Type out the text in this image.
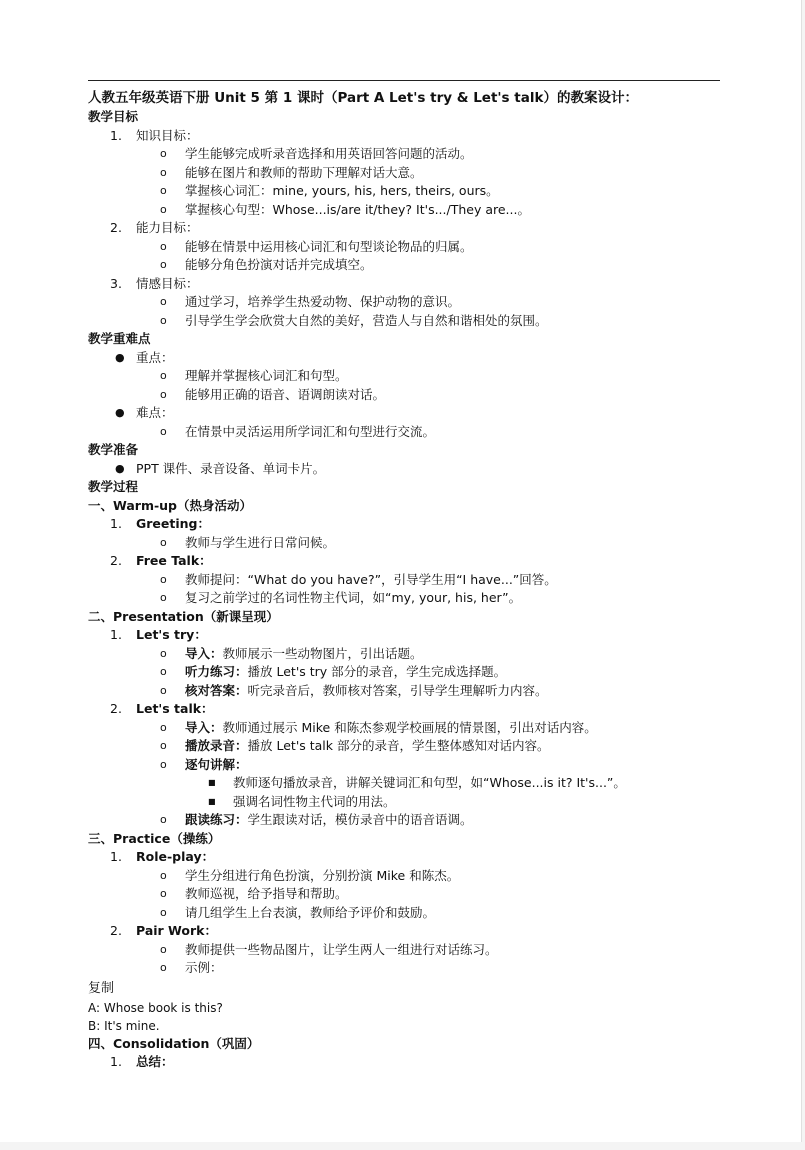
人教五年级英语下册 Unit 5 第 1 课时（Part A Let's try & Let's talk）的教案设计：
教学目标
1. 知识目标：
o 学生能够完成听录音选择和用英语回答问题的活动。
o 能够在图片和教师的帮助下理解对话大意。
o 掌握核心词汇：mine, yours, his, hers, theirs, ours。
o 掌握核心句型：Whose...is/are it/they? It's.../They are...。
2. 能力目标：
o 能够在情景中运用核心词汇和句型谈论物品的归属。
o 能够分角色扮演对话并完成填空。
3. 情感目标：
o 通过学习，培养学生热爱动物、保护动物的意识。
o 引导学生学会欣赏大自然的美好，营造人与自然和谐相处的氛围。
教学重难点
● 重点：
o 理解并掌握核心词汇和句型。
o 能够用正确的语音、语调朗读对话。
● 难点：
o 在情景中灵活运用所学词汇和句型进行交流。
教学准备
● PPT 课件、录音设备、单词卡片。
教学过程
一、Warm-up（热身活动）
1. Greeting：
o 教师与学生进行日常问候。
2. Free Talk：
o 教师提问：“What do you have?”，引导学生用“I have...”回答。
o 复习之前学过的名词性物主代词，如“my, your, his, her”。
二、Presentation（新课呈现）
1. Let's try：
o 导入：教师展示一些动物图片，引出话题。
o 听力练习：播放 Let's try 部分的录音，学生完成选择题。
o 核对答案：听完录音后，教师核对答案，引导学生理解听力内容。
2. Let's talk：
o 导入：教师通过展示 Mike 和陈杰参观学校画展的情景图，引出对话内容。
o 播放录音：播放 Let's talk 部分的录音，学生整体感知对话内容。
o 逐句讲解：
■ 教师逐句播放录音，讲解关键词汇和句型，如“Whose...is it? It's...”。
■ 强调名词性物主代词的用法。
o 跟读练习：学生跟读对话，模仿录音中的语音语调。
三、Practice（操练）
1. Role-play：
o 学生分组进行角色扮演，分别扮演 Mike 和陈杰。
o 教师巡视，给予指导和帮助。
o 请几组学生上台表演，教师给予评价和鼓励。
2. Pair Work：
o 教师提供一些物品图片，让学生两人一组进行对话练习。
o 示例：
复制
A: Whose book is this?
B: It's mine.
四、Consolidation（巩固）
1. 总结：
